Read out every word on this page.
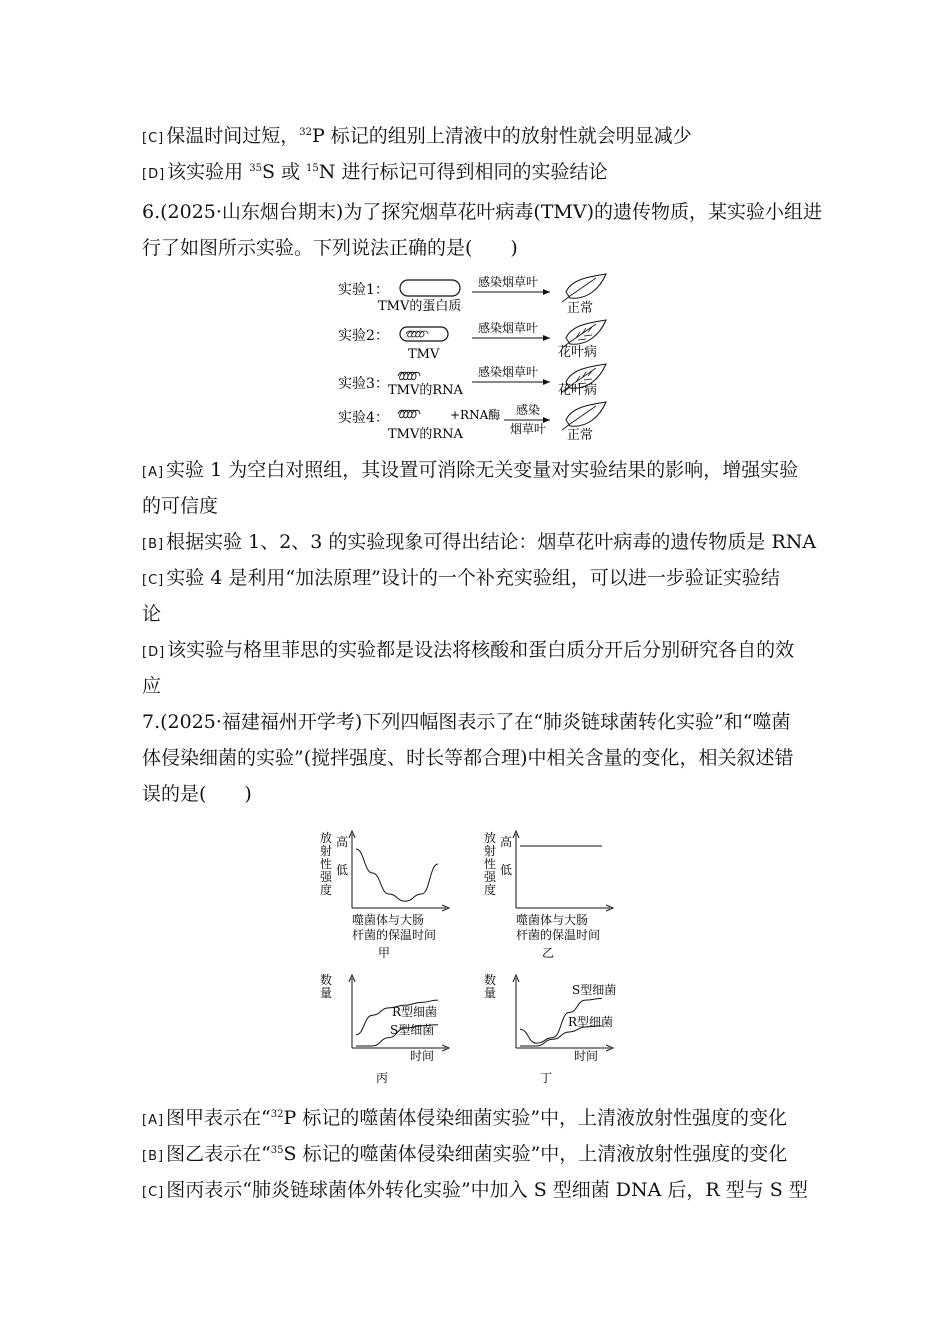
[C] 保温时间过短，$^{32}$P 标记的组别上清液中的放射性就会明显减少
[D] 该实验用 $^{35}$S 或 $^{15}$N 进行标记可得到相同的实验结论
6.(2025·山东烟台期末)为了探究烟草花叶病毒(TMV)的遗传物质，某实验小组进
行了如图所示实验。下列说法正确的是(　　)
实验1：
TMV的蛋白质
感染烟草叶
正常
实验2：
TMV
感染烟草叶
花叶病
实验3： TMV的RNA
感染烟草叶
花叶病
实验4：	+RNA酶
TMV的RNA
感染
烟草叶 正常
[A] 实验 1 为空白对照组，其设置可消除无关变量对实验结果的影响，增强实验
的可信度
[B] 根据实验 1、2、3 的实验现象可得出结论：烟草花叶病毒的遗传物质是 RNA
[C] 实验 4 是利用“加法原理”设计的一个补充实验组，可以进一步验证实验结
论
[D] 该实验与格里菲思的实验都是设法将核酸和蛋白质分开后分别研究各自的效
应
7.(2025·福建福州开学考)下列四幅图表示了在“肺炎链球菌转化实验”和“噬菌
体侵染细菌的实验”(搅拌强度、时长等都合理)中相关含量的变化，相关叙述错
误的是(　　)
放
射
性
强
度
高
低
噬菌体与大肠
杆菌的保温时间
甲
放
射
性
强
度
高
低
噬菌体与大肠
杆菌的保温时间
乙
数
量
时间
丙
R型细菌
S型细菌
数
量
时间
丁
S型细菌
R型细菌
[A] 图甲表示在“$^{32}$P 标记的噬菌体侵染细菌实验”中，上清液放射性强度的变化
[B] 图乙表示在“$^{35}$S 标记的噬菌体侵染细菌实验”中，上清液放射性强度的变化
[C] 图丙表示“肺炎链球菌体外转化实验”中加入 S 型细菌 DNA 后，R 型与 S 型
